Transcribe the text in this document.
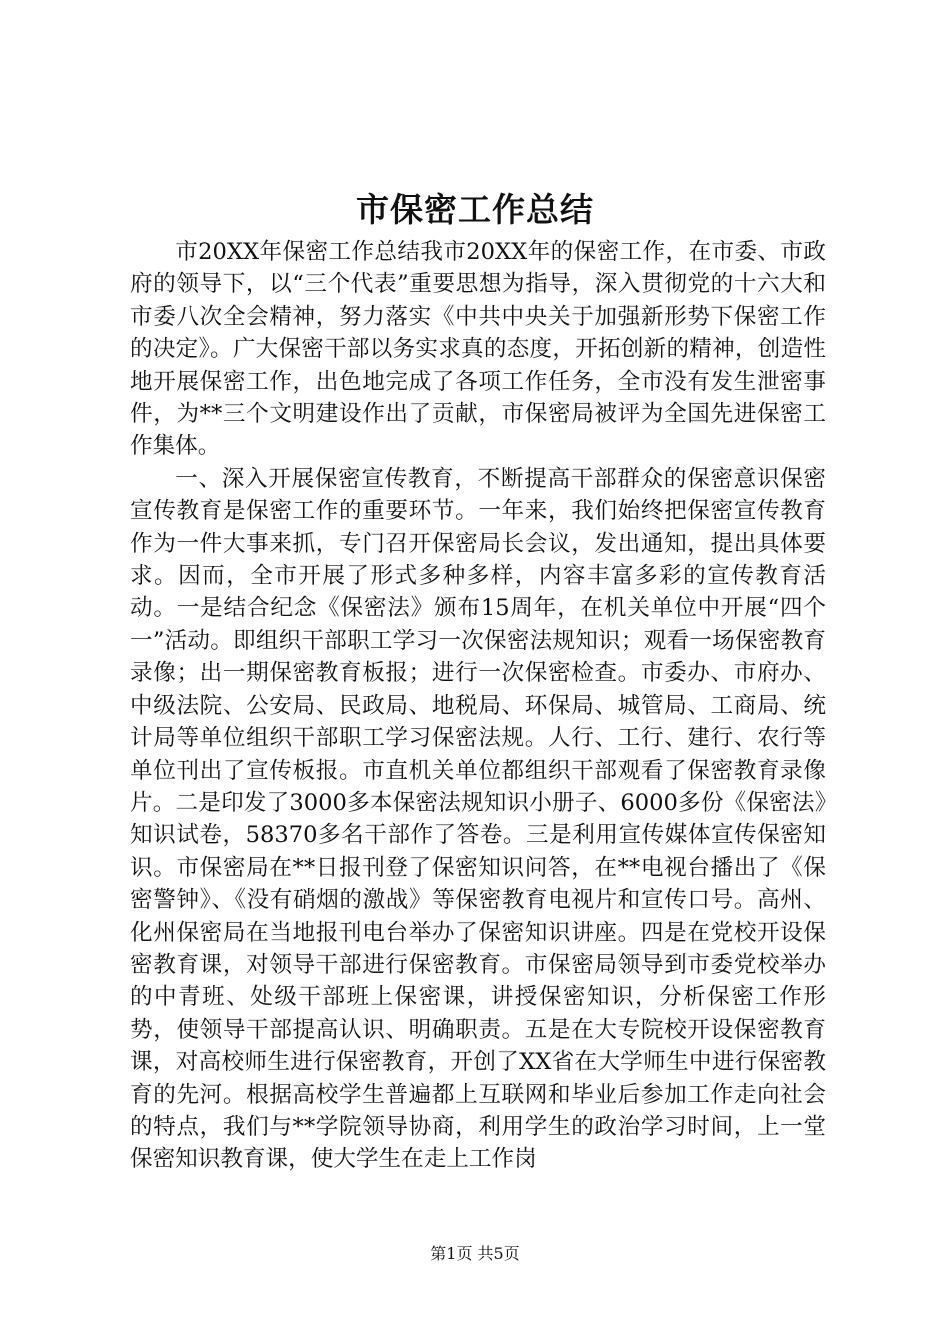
市保密工作总结

市20XX年保密工作总结我市20XX年的保密工作，在市委、市政府的领导下，以“三个代表”重要思想为指导，深入贯彻党的十六大和市委八次全会精神，努力落实《中共中央关于加强新形势下保密工作的决定》。广大保密干部以务实求真的态度，开拓创新的精神，创造性地开展保密工作，出色地完成了各项工作任务，全市没有发生泄密事件，为**三个文明建设作出了贡献，市保密局被评为全国先进保密工作集体。

一、深入开展保密宣传教育，不断提高干部群众的保密意识保密宣传教育是保密工作的重要环节。一年来，我们始终把保密宣传教育作为一件大事来抓，专门召开保密局长会议，发出通知，提出具体要求。因而，全市开展了形式多种多样，内容丰富多彩的宣传教育活动。一是结合纪念《保密法》颁布15周年，在机关单位中开展“四个一”活动。即组织干部职工学习一次保密法规知识；观看一场保密教育录像；出一期保密教育板报；进行一次保密检查。市委办、市府办、中级法院、公安局、民政局、地税局、环保局、城管局、工商局、统计局等单位组织干部职工学习保密法规。人行、工行、建行、农行等单位刊出了宣传板报。市直机关单位都组织干部观看了保密教育录像片。二是印发了3000多本保密法规知识小册子、6000多份《保密法》知识试卷，58370多名干部作了答卷。三是利用宣传媒体宣传保密知识。市保密局在**日报刊登了保密知识问答，在**电视台播出了《保密警钟》、《没有硝烟的激战》等保密教育电视片和宣传口号。高州、化州保密局在当地报刊电台举办了保密知识讲座。四是在党校开设保密教育课，对领导干部进行保密教育。市保密局领导到市委党校举办的中青班、处级干部班上保密课，讲授保密知识，分析保密工作形势，使领导干部提高认识、明确职责。五是在大专院校开设保密教育课，对高校师生进行保密教育，开创了XX省在大学师生中进行保密教育的先河。根据高校学生普遍都上互联网和毕业后参加工作走向社会的特点，我们与**学院领导协商，利用学生的政治学习时间，上一堂保密知识教育课，使大学生在走上工作岗

第1页 共5页
